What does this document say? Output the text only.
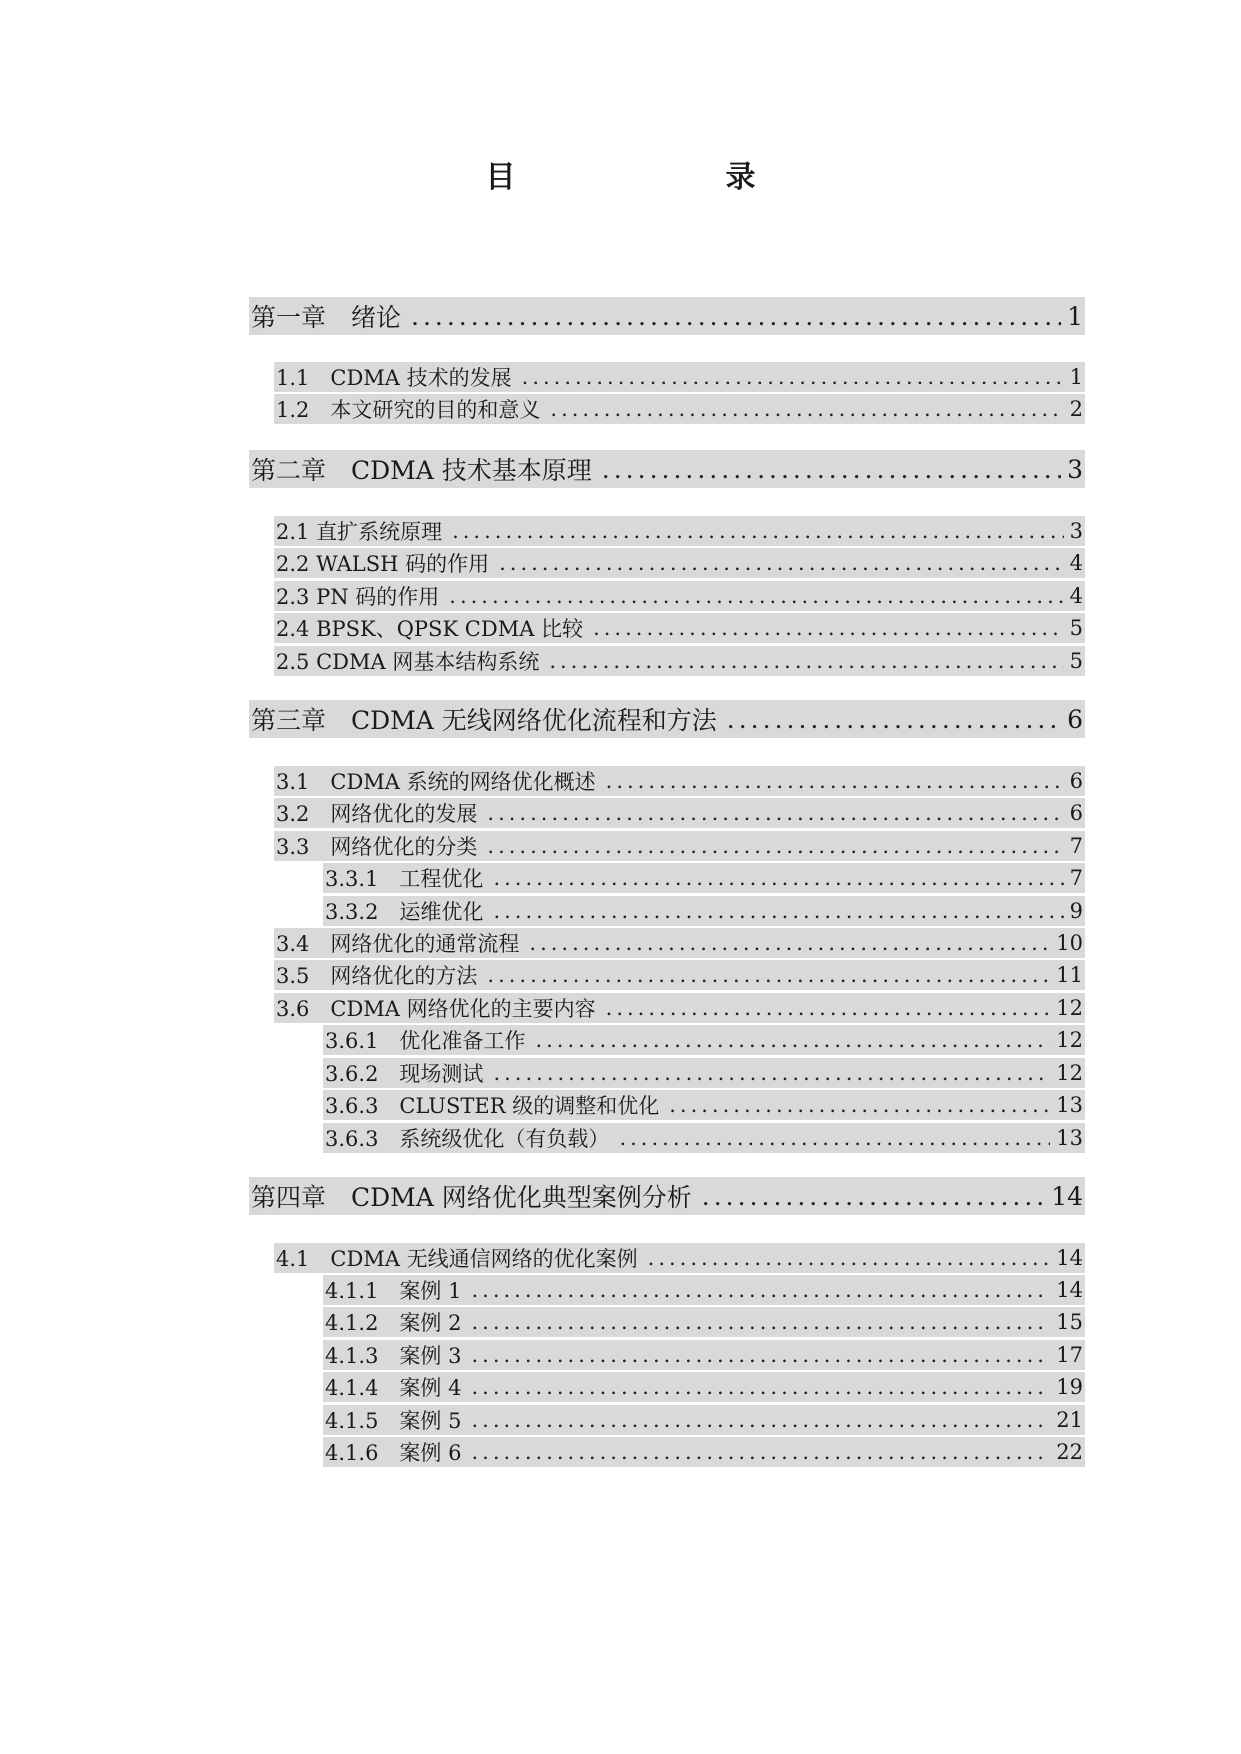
目　　录
第一章　绪论 .....	1
1.1　CDMA 技术的发展 .....	1
1.2　本文研究的目的和意义 .....	2
第二章　CDMA 技术基本原理 .....	3
2.1 直扩系统原理 .....	3
2.2 WALSH 码的作用 .....	4
2.3 PN 码的作用 .....	4
2.4 BPSK、QPSK CDMA 比较 .....	5
2.5 CDMA 网基本结构系统 .....	5
第三章　CDMA 无线网络优化流程和方法 .....	6
3.1　CDMA 系统的网络优化概述 .....	6
3.2　网络优化的发展 .....	6
3.3　网络优化的分类 .....	7
3.3.1　工程优化 .....	7
3.3.2　运维优化 .....	9
3.4　网络优化的通常流程 .....	10
3.5　网络优化的方法 .....	11
3.6　CDMA 网络优化的主要内容 .....	12
3.6.1　优化准备工作 .....	12
3.6.2　现场测试 .....	12
3.6.3　CLUSTER 级的调整和优化 .....	13
3.6.3　系统级优化（有负载） .....	13
第四章　CDMA 网络优化典型案例分析 .....	14
4.1　CDMA 无线通信网络的优化案例 .....	14
4.1.1　案例 1 .....	14
4.1.2　案例 2 .....	15
4.1.3　案例 3 .....	17
4.1.4　案例 4 .....	19
4.1.5　案例 5 .....	21
4.1.6　案例 6 .....	22
